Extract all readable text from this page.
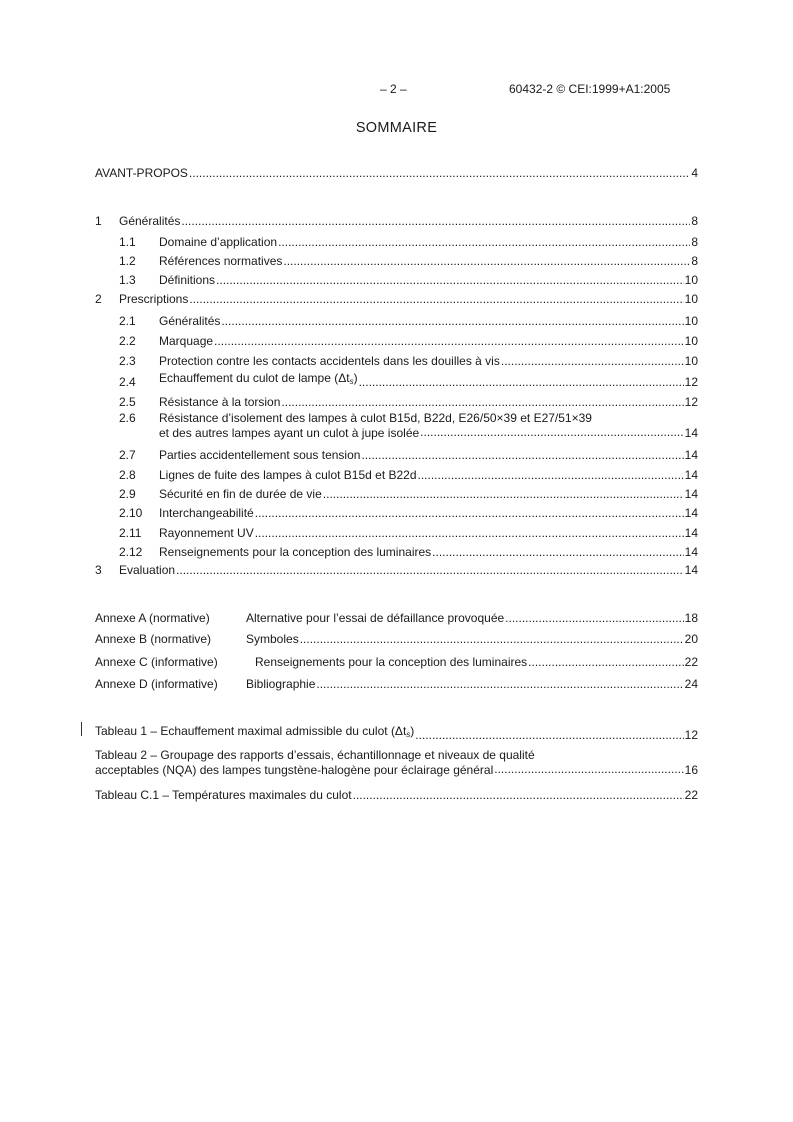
– 2 –	60432-2 © CEI:1999+A1:2005
SOMMAIRE
AVANT-PROPOS .....	4
1	Généralités .....	8
1.1	Domaine d’application .....	8
1.2	Références normatives .....	8
1.3	Définitions .....	10
2	Prescriptions .....	10
2.1	Généralités .....	10
2.2	Marquage .....	10
2.3	Protection contre les contacts accidentels dans les douilles à vis .....	10
2.4	Echauffement du culot de lampe $(\Delta t_s)$ .....	12
2.5	Résistance à la torsion .....	12
2.6	Résistance d’isolement des lampes à culot B15d, B22d, E26/50×39 et E27/51×39
et des autres lampes ayant un culot à jupe isolée .....	14
2.7	Parties accidentellement sous tension .....	14
2.8	Lignes de fuite des lampes à culot B15d et B22d .....	14
2.9	Sécurité en fin de durée de vie .....	14
2.10	Interchangeabilité .....	14
2.11	Rayonnement UV .....	14
2.12	Renseignements pour la conception des luminaires .....	14
3	Evaluation .....	14
Annexe A (normative)	Alternative pour l’essai de défaillance provoquée .....	18
Annexe B (normative)	Symboles .....	20
Annexe C (informative)	Renseignements pour la conception des luminaires .....	22
Annexe D (informative)	Bibliographie .....	24
Tableau 1 – Echauffement maximal admissible du culot $(\Delta t_s)$ .....	12
Tableau 2 – Groupage des rapports d’essais, échantillonnage et niveaux de qualité
acceptables (NQA) des lampes tungstène-halogène pour éclairage général .....	16
Tableau C.1 – Températures maximales du culot .....	22
